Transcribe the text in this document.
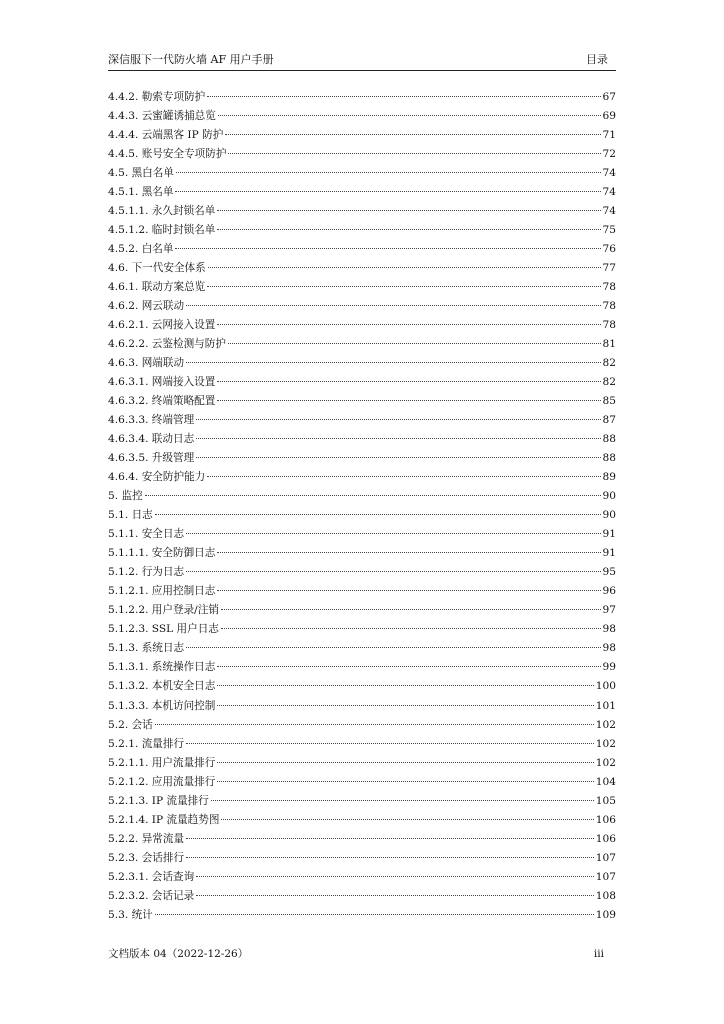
深信服下一代防火墙 AF 用户手册	目录
4.4.2. 勒索专项防护	67
4.4.3. 云蜜罐诱捕总览	69
4.4.4. 云端黑客 IP 防护	71
4.4.5. 账号安全专项防护	72
4.5. 黑白名单	74
4.5.1. 黑名单	74
4.5.1.1. 永久封锁名单	74
4.5.1.2. 临时封锁名单	75
4.5.2. 白名单	76
4.6. 下一代安全体系	77
4.6.1. 联动方案总览	78
4.6.2. 网云联动	78
4.6.2.1. 云网接入设置	78
4.6.2.2. 云鉴检测与防护	81
4.6.3. 网端联动	82
4.6.3.1. 网端接入设置	82
4.6.3.2. 终端策略配置	85
4.6.3.3. 终端管理	87
4.6.3.4. 联动日志	88
4.6.3.5. 升级管理	88
4.6.4. 安全防护能力	89
5. 监控	90
5.1. 日志	90
5.1.1. 安全日志	91
5.1.1.1. 安全防御日志	91
5.1.2. 行为日志	95
5.1.2.1. 应用控制日志	96
5.1.2.2. 用户登录/注销	97
5.1.2.3. SSL 用户日志	98
5.1.3. 系统日志	98
5.1.3.1. 系统操作日志	99
5.1.3.2. 本机安全日志	100
5.1.3.3. 本机访问控制	101
5.2. 会话	102
5.2.1. 流量排行	102
5.2.1.1. 用户流量排行	102
5.2.1.2. 应用流量排行	104
5.2.1.3. IP 流量排行	105
5.2.1.4. IP 流量趋势图	106
5.2.2. 异常流量	106
5.2.3. 会话排行	107
5.2.3.1. 会话查询	107
5.2.3.2. 会话记录	108
5.3. 统计	109
文档版本 04（2022-12-26）	iii
